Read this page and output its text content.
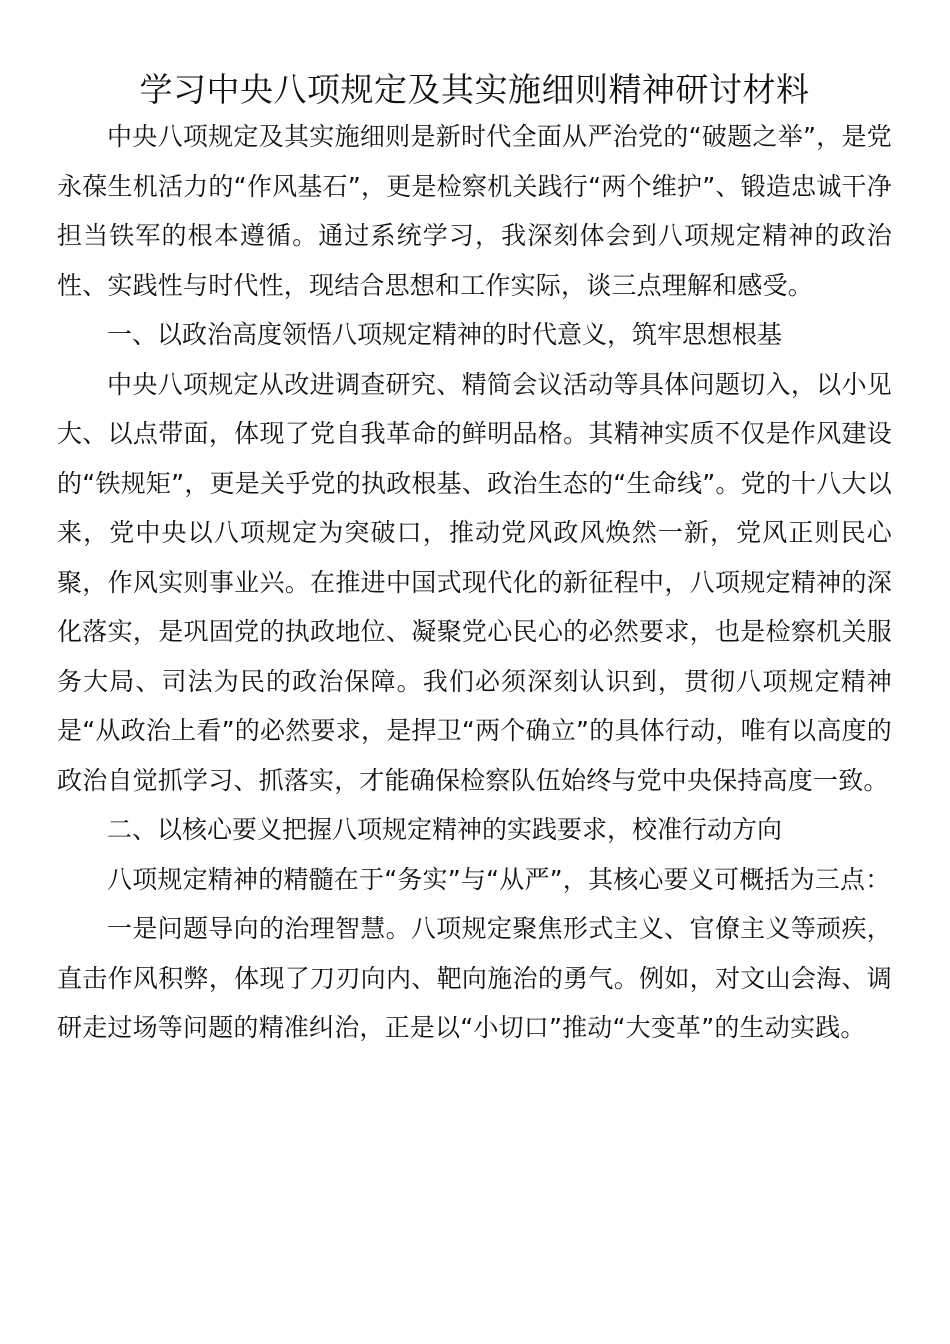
学习中央八项规定及其实施细则精神研讨材料

中央八项规定及其实施细则是新时代全面从严治党的“破题之举”，是党永葆生机活力的“作风基石”，更是检察机关践行“两个维护”、锻造忠诚干净担当铁军的根本遵循。通过系统学习，我深刻体会到八项规定精神的政治性、实践性与时代性，现结合思想和工作实际，谈三点理解和感受。

一、以政治高度领悟八项规定精神的时代意义，筑牢思想根基

中央八项规定从改进调查研究、精简会议活动等具体问题切入，以小见大、以点带面，体现了党自我革命的鲜明品格。其精神实质不仅是作风建设的“铁规矩”，更是关乎党的执政根基、政治生态的“生命线”。党的十八大以来，党中央以八项规定为突破口，推动党风政风焕然一新，党风正则民心聚，作风实则事业兴。在推进中国式现代化的新征程中，八项规定精神的深化落实，是巩固党的执政地位、凝聚党心民心的必然要求，也是检察机关服务大局、司法为民的政治保障。我们必须深刻认识到，贯彻八项规定精神是“从政治上看”的必然要求，是捍卫“两个确立”的具体行动，唯有以高度的政治自觉抓学习、抓落实，才能确保检察队伍始终与党中央保持高度一致。

二、以核心要义把握八项规定精神的实践要求，校准行动方向

八项规定精神的精髓在于“务实”与“从严”，其核心要义可概括为三点：

一是问题导向的治理智慧。八项规定聚焦形式主义、官僚主义等顽疾，直击作风积弊，体现了刀刃向内、靶向施治的勇气。例如，对文山会海、调研走过场等问题的精准纠治，正是以“小切口”推动“大变革”的生动实践。
